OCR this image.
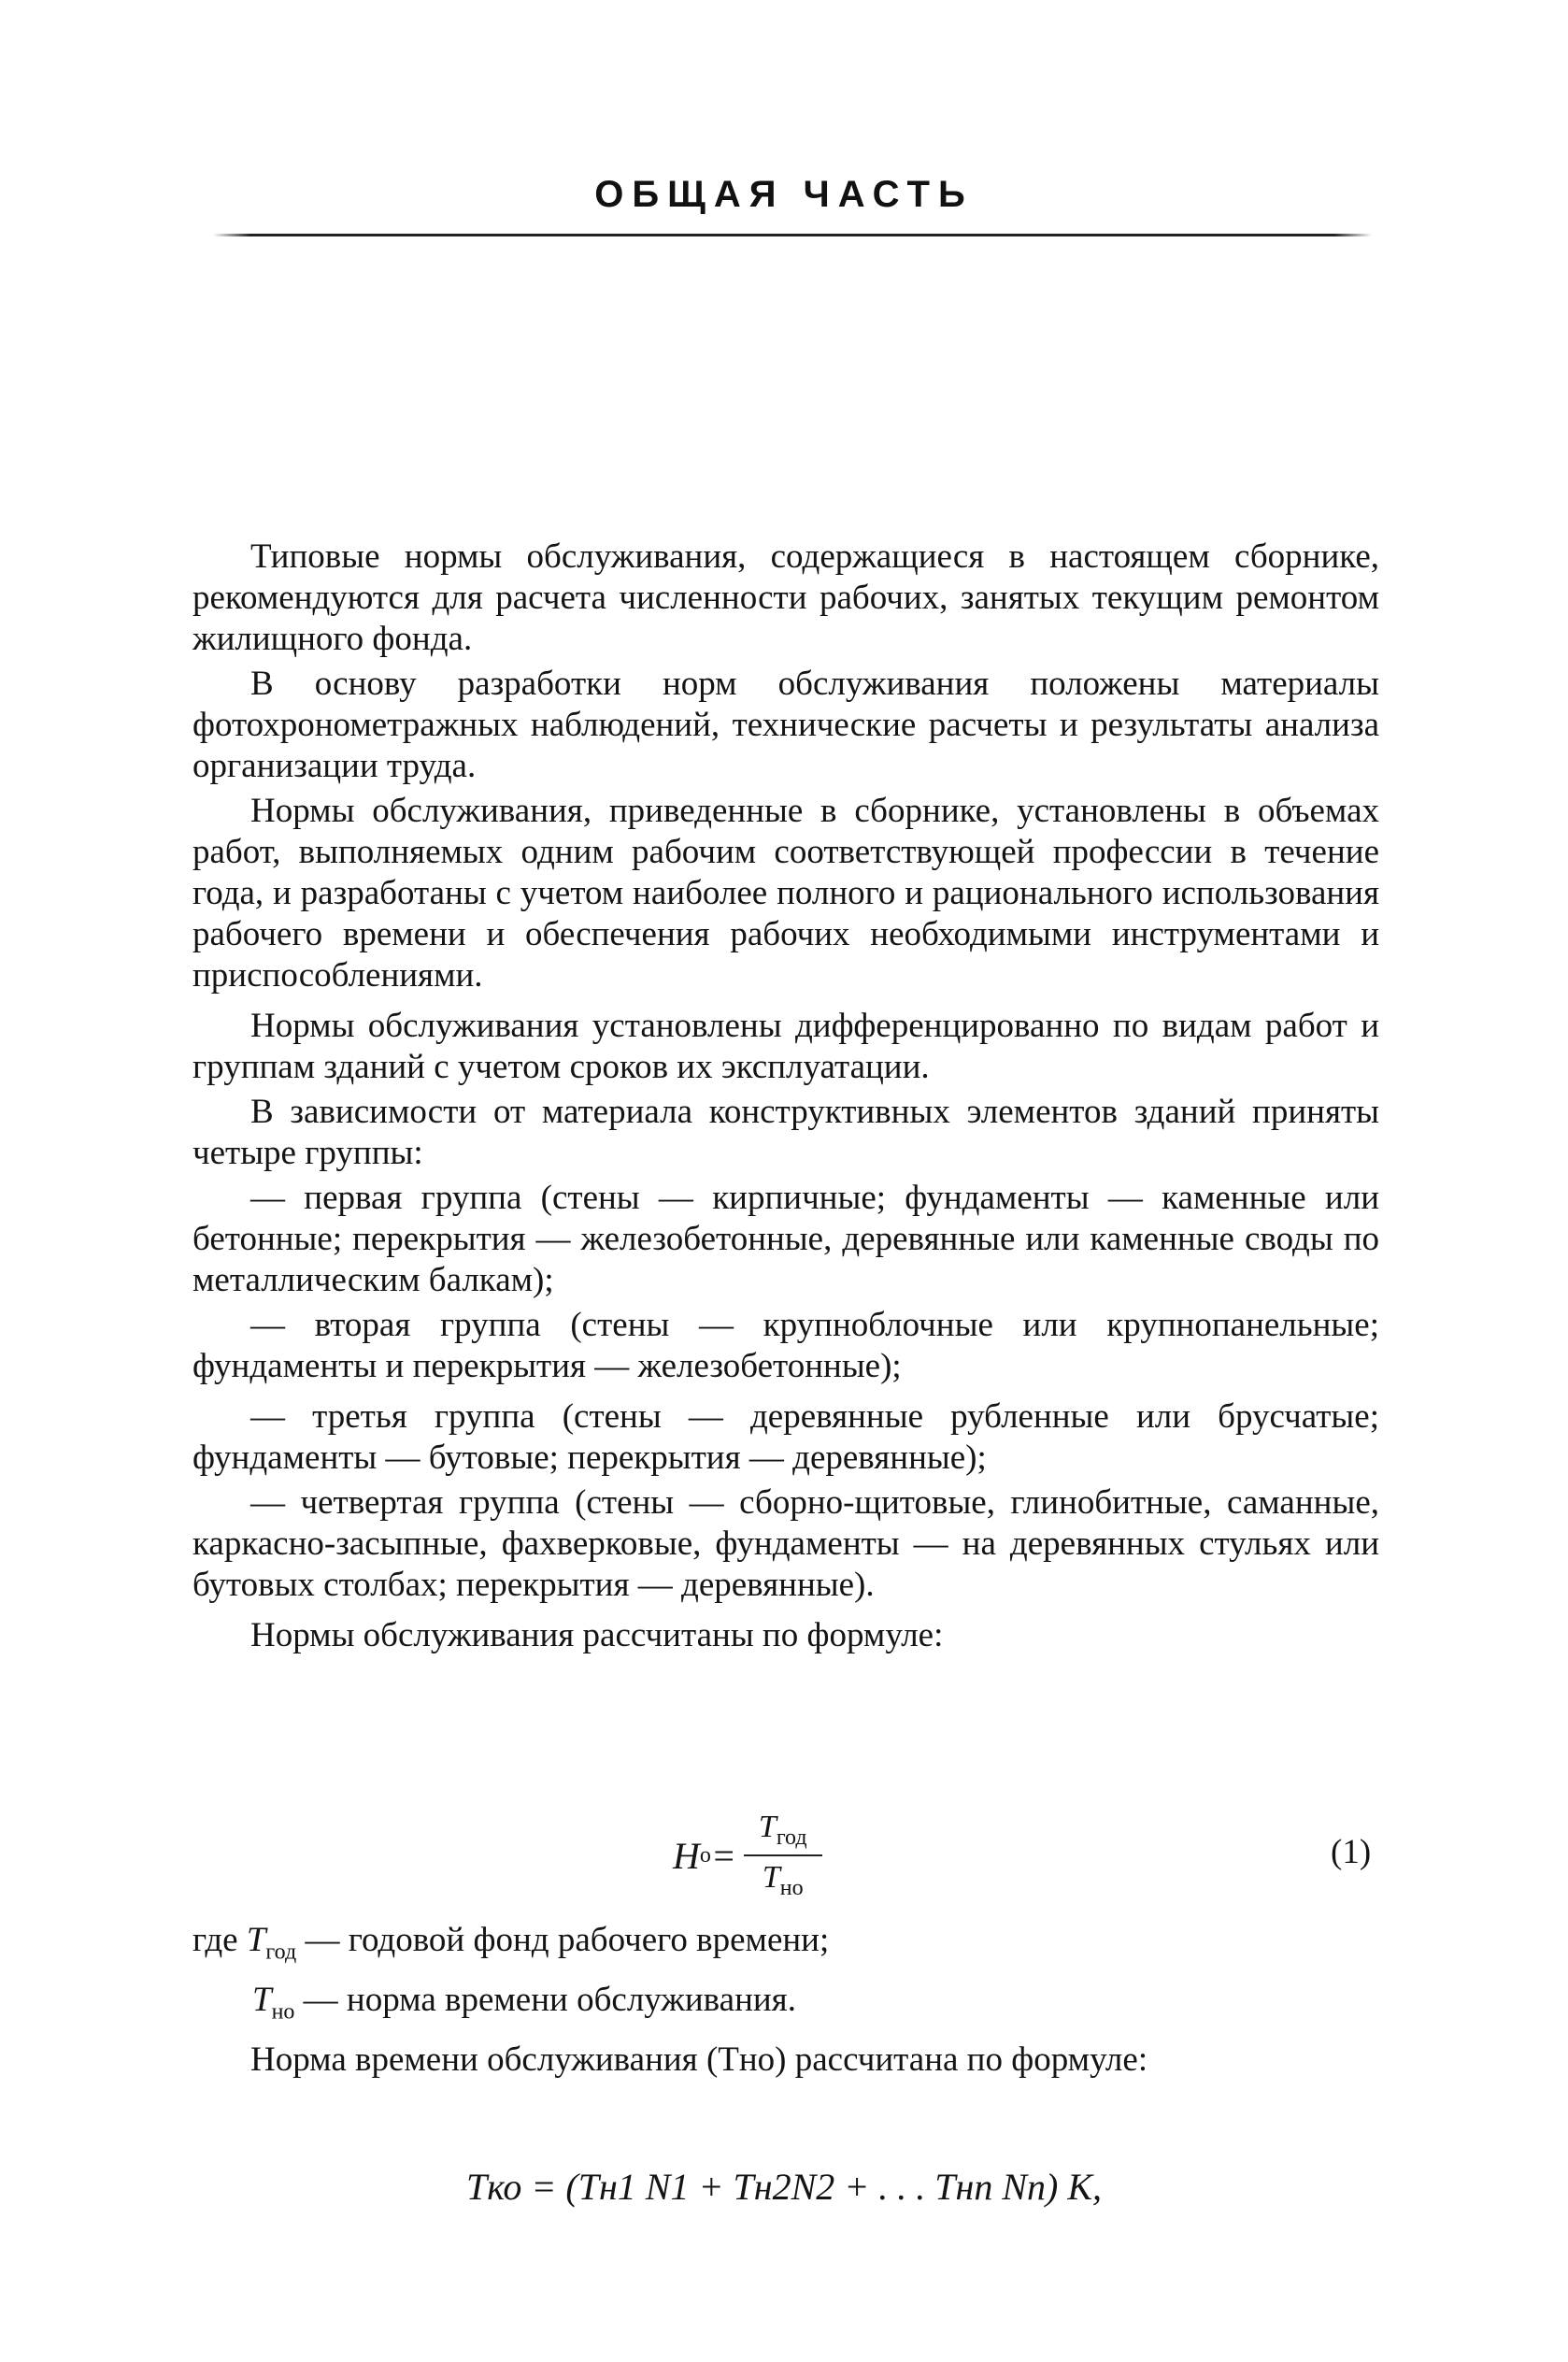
ОБЩАЯ ЧАСТЬ

Типовые нормы обслуживания, содержащиеся в настоящем сборнике, рекомендуются для расчета численности рабочих, занятых текущим ремонтом жилищного фонда.

В основу разработки норм обслуживания положены материалы фотохронометражных наблюдений, технические расчеты и результаты анализа организации труда.

Нормы обслуживания, приведенные в сборнике, установлены в объемах работ, выполняемых одним рабочим соответствующей профессии в течение года, и разработаны с учетом наиболее полного и рационального использования рабочего времени и обеспечения рабочих необходимыми инструментами и приспособлениями.

Нормы обслуживания установлены дифференцированно по видам работ и группам зданий с учетом сроков их эксплуатации.

В зависимости от материала конструктивных элементов зданий приняты четыре группы:

— первая группа (стены — кирпичные; фундаменты — каменные или бетонные; перекрытия — железобетонные, деревянные или каменные своды по металлическим балкам);

— вторая группа (стены — крупноблочные или крупнопанельные; фундаменты и перекрытия — железобетонные);

— третья группа (стены — деревянные рубленные или брусчатые; фундаменты — бутовые; перекрытия — деревянные);

— четвертая группа (стены — сборно-щитовые, глинобитные, саманные, каркасно-засыпные, фахверковые, фундаменты — на деревянных стульях или бутовых столбах; перекрытия — деревянные).

Нормы обслуживания рассчитаны по формуле:

H $о = \frac{T_{год}}{T_{но}}$	(1)
где $T_{год}$ — годовой фонд рабочего времени;
$T_{но}$ — норма времени обслуживания.

Норма времени обслуживания (Tно) рассчитана по формуле:

Tко = (Tн1 N1 + Tн2N2 + . . . Tнn Nn) K,
